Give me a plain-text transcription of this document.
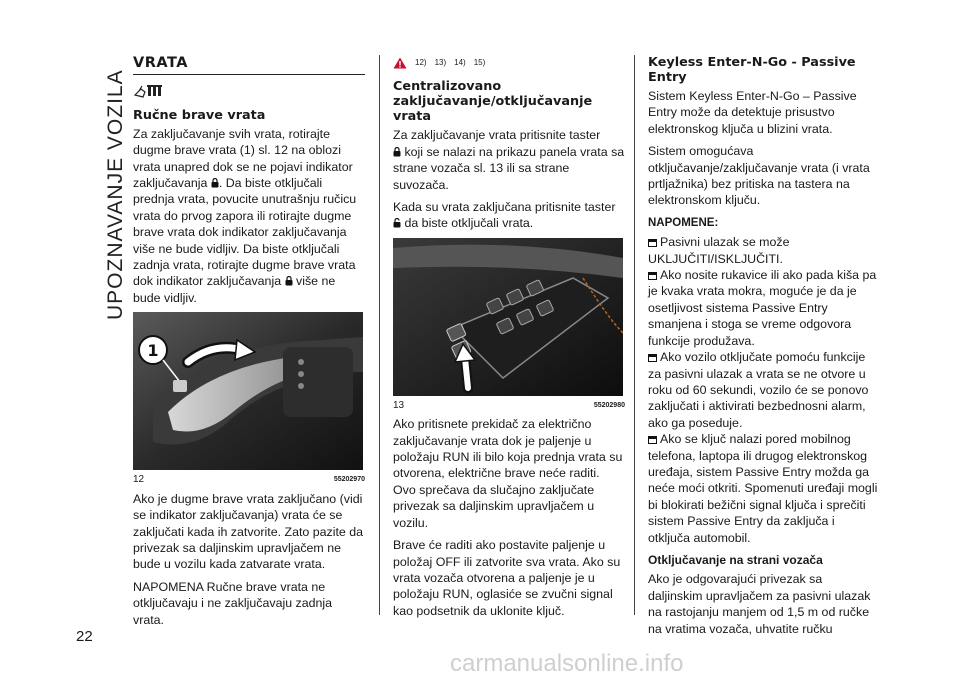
UPOZNAVANJE VOZILA
22
VRATA
Ručne brave vrata

Za zaključavanje svih vrata, rotirajte dugme brave vrata (1) sl. 12 na oblozi vrata unapred dok se ne pojavi indikator zaključavanja . Da biste otključali prednja vrata, povucite unutrašnju ručicu vrata do prvog zapora ili rotirajte dugme brave vrata dok indikator zaključavanja više ne bude vidljiv. Da biste otključali zadnja vrata, rotirajte dugme brave vrata dok indikator zaključavanja više ne bude vidljiv.

1
12	55202970

Ako je dugme brave vrata zaključano (vidi se indikator zaključavanja) vrata će se zaključati kada ih zatvorite. Zato pazite da privezak sa daljinskim upravljačem ne bude u vozilu kada zatvarate vrata.

NAPOMENA Ručne brave vrata ne otključavaju i ne zaključavaju zadnja vrata.

12) 13) 14) 15)
Centralizovano zaključavanje/otključavanje vrata

Za zaključavanje vrata pritisnite taster
koji se nalazi na prikazu panela vrata sa strane vozača sl. 13 ili sa strane suvozača.

Kada su vrata zaključana pritisnite taster
da biste otključali vrata.

13	55202980

Ako pritisnete prekidač za električno zaključavanje vrata dok je paljenje u položaju RUN ili bilo koja prednja vrata su otvorena, električne brave neće raditi. Ovo sprečava da slučajno zaključate privezak sa daljinskim upravljačem u vozilu.

Brave će raditi ako postavite paljenje u položaj OFF ili zatvorite sva vrata. Ako su vrata vozača otvorena a paljenje je u položaju RUN, oglasiće se zvučni signal kao podsetnik da uklonite ključ.

Keyless Enter-N-Go - Passive Entry

Sistem Keyless Enter-N-Go – Passive Entry može da detektuje prisustvo elektronskog ključa u blizini vrata.

Sistem omogućava otključavanje/zaključavanje vrata (i vrata prtljažnika) bez pritiska na tastera na elektronskom ključu.

NAPOMENE:
Pasivni ulazak se može UKLJUČITI/ISKLJUČITI.
Ako nosite rukavice ili ako pada kiša pa je kvaka vrata mokra, moguće je da je osetljivost sistema Passive Entry smanjena i stoga se vreme odgovora funkcije produžava.
Ako vozilo otključate pomoću funkcije za pasivni ulazak a vrata se ne otvore u roku od 60 sekundi, vozilo će se ponovo zaključati i aktivirati bezbednosni alarm, ako ga poseduje.
Ako se ključ nalazi pored mobilnog telefona, laptopa ili drugog elektronskog uređaja, sistem Passive Entry možda ga neće moći otkriti. Spomenuti uređaji mogli bi blokirati bežični signal ključa i sprečiti sistem Passive Entry da zaključa i otključa automobil.
Otključavanje na strani vozača

Ako je odgovarajući privezak sa daljinskim upravljačem za pasivni ulazak na rastojanju manjem od 1,5 m od ručke na vratima vozača, uhvatite ručku

carmanualsonline.info
